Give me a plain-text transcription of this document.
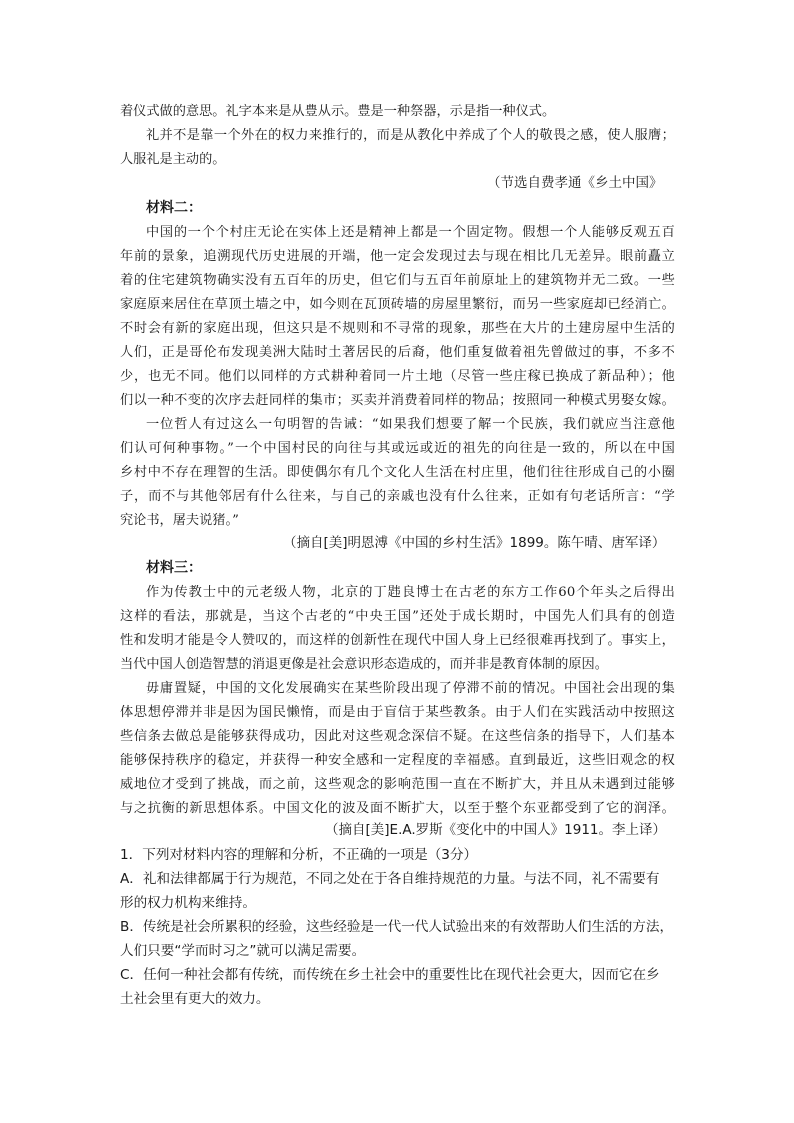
着仪式做的意思。礼字本来是从豊从示。豊是一种祭器，示是指一种仪式。
礼并不是靠一个外在的权力来推行的，而是从教化中养成了个人的敬畏之感，使人服膺；
人服礼是主动的。
（节选自费孝通《乡土中国》
材料二：
中国的一个个村庄无论在实体上还是精神上都是一个固定物。假想一个人能够反观五百
年前的景象，追溯现代历史进展的开端，他一定会发现过去与现在相比几无差异。眼前矗立
着的住宅建筑物确实没有五百年的历史，但它们与五百年前原址上的建筑物并无二致。一些
家庭原来居住在草顶土墙之中，如今则在瓦顶砖墙的房屋里繁衍，而另一些家庭却已经消亡。
不时会有新的家庭出现，但这只是不规则和不寻常的现象，那些在大片的土建房屋中生活的
人们，正是哥伦布发现美洲大陆时土著居民的后裔，他们重复做着祖先曾做过的事，不多不
少，也无不同。他们以同样的方式耕种着同一片土地（尽管一些庄稼已换成了新品种）；他
们以一种不变的次序去赶同样的集市；买卖并消费着同样的物品；按照同一种模式男娶女嫁。
一位哲人有过这么一句明智的告诫：“如果我们想要了解一个民族，我们就应当注意他
们认可何种事物。”一个中国村民的向往与其或远或近的祖先的向往是一致的，所以在中国
乡村中不存在理智的生活。即使偶尔有几个文化人生活在村庄里，他们往往形成自己的小圈
子，而不与其他邻居有什么往来，与自己的亲戚也没有什么往来，正如有句老话所言：“学
究论书，屠夫说猪。”
（摘自[美]明恩溥《中国的乡村生活》1899。陈午晴、唐军译）
材料三：
作为传教士中的元老级人物，北京的丁韪良博士在古老的东方工作60个年头之后得出
这样的看法，那就是，当这个古老的“中央王国”还处于成长期时，中国先人们具有的创造
性和发明才能是令人赞叹的，而这样的创新性在现代中国人身上已经很难再找到了。事实上，
当代中国人创造智慧的消退更像是社会意识形态造成的，而并非是教育体制的原因。
毋庸置疑，中国的文化发展确实在某些阶段出现了停滞不前的情况。中国社会出现的集
体思想停滞并非是因为国民懒惰，而是由于盲信于某些教条。由于人们在实践活动中按照这
些信条去做总是能够获得成功，因此对这些观念深信不疑。在这些信条的指导下，人们基本
能够保持秩序的稳定，并获得一种安全感和一定程度的幸福感。直到最近，这些旧观念的权
威地位才受到了挑战，而之前，这些观念的影响范围一直在不断扩大，并且从未遇到过能够
与之抗衡的新思想体系。中国文化的波及面不断扩大，以至于整个东亚都受到了它的润泽。
（摘自[美]E.A.罗斯《变化中的中国人》1911。李上译）
1．下列对材料内容的理解和分析，不正确的一项是（3分）
A．礼和法律都属于行为规范，不同之处在于各自维持规范的力量。与法不同，礼不需要有
形的权力机构来维持。
B．传统是社会所累积的经验，这些经验是一代一代人试验出来的有效帮助人们生活的方法，
人们只要“学而时习之”就可以满足需要。
C．任何一种社会都有传统，而传统在乡土社会中的重要性比在现代社会更大，因而它在乡
土社会里有更大的效力。
